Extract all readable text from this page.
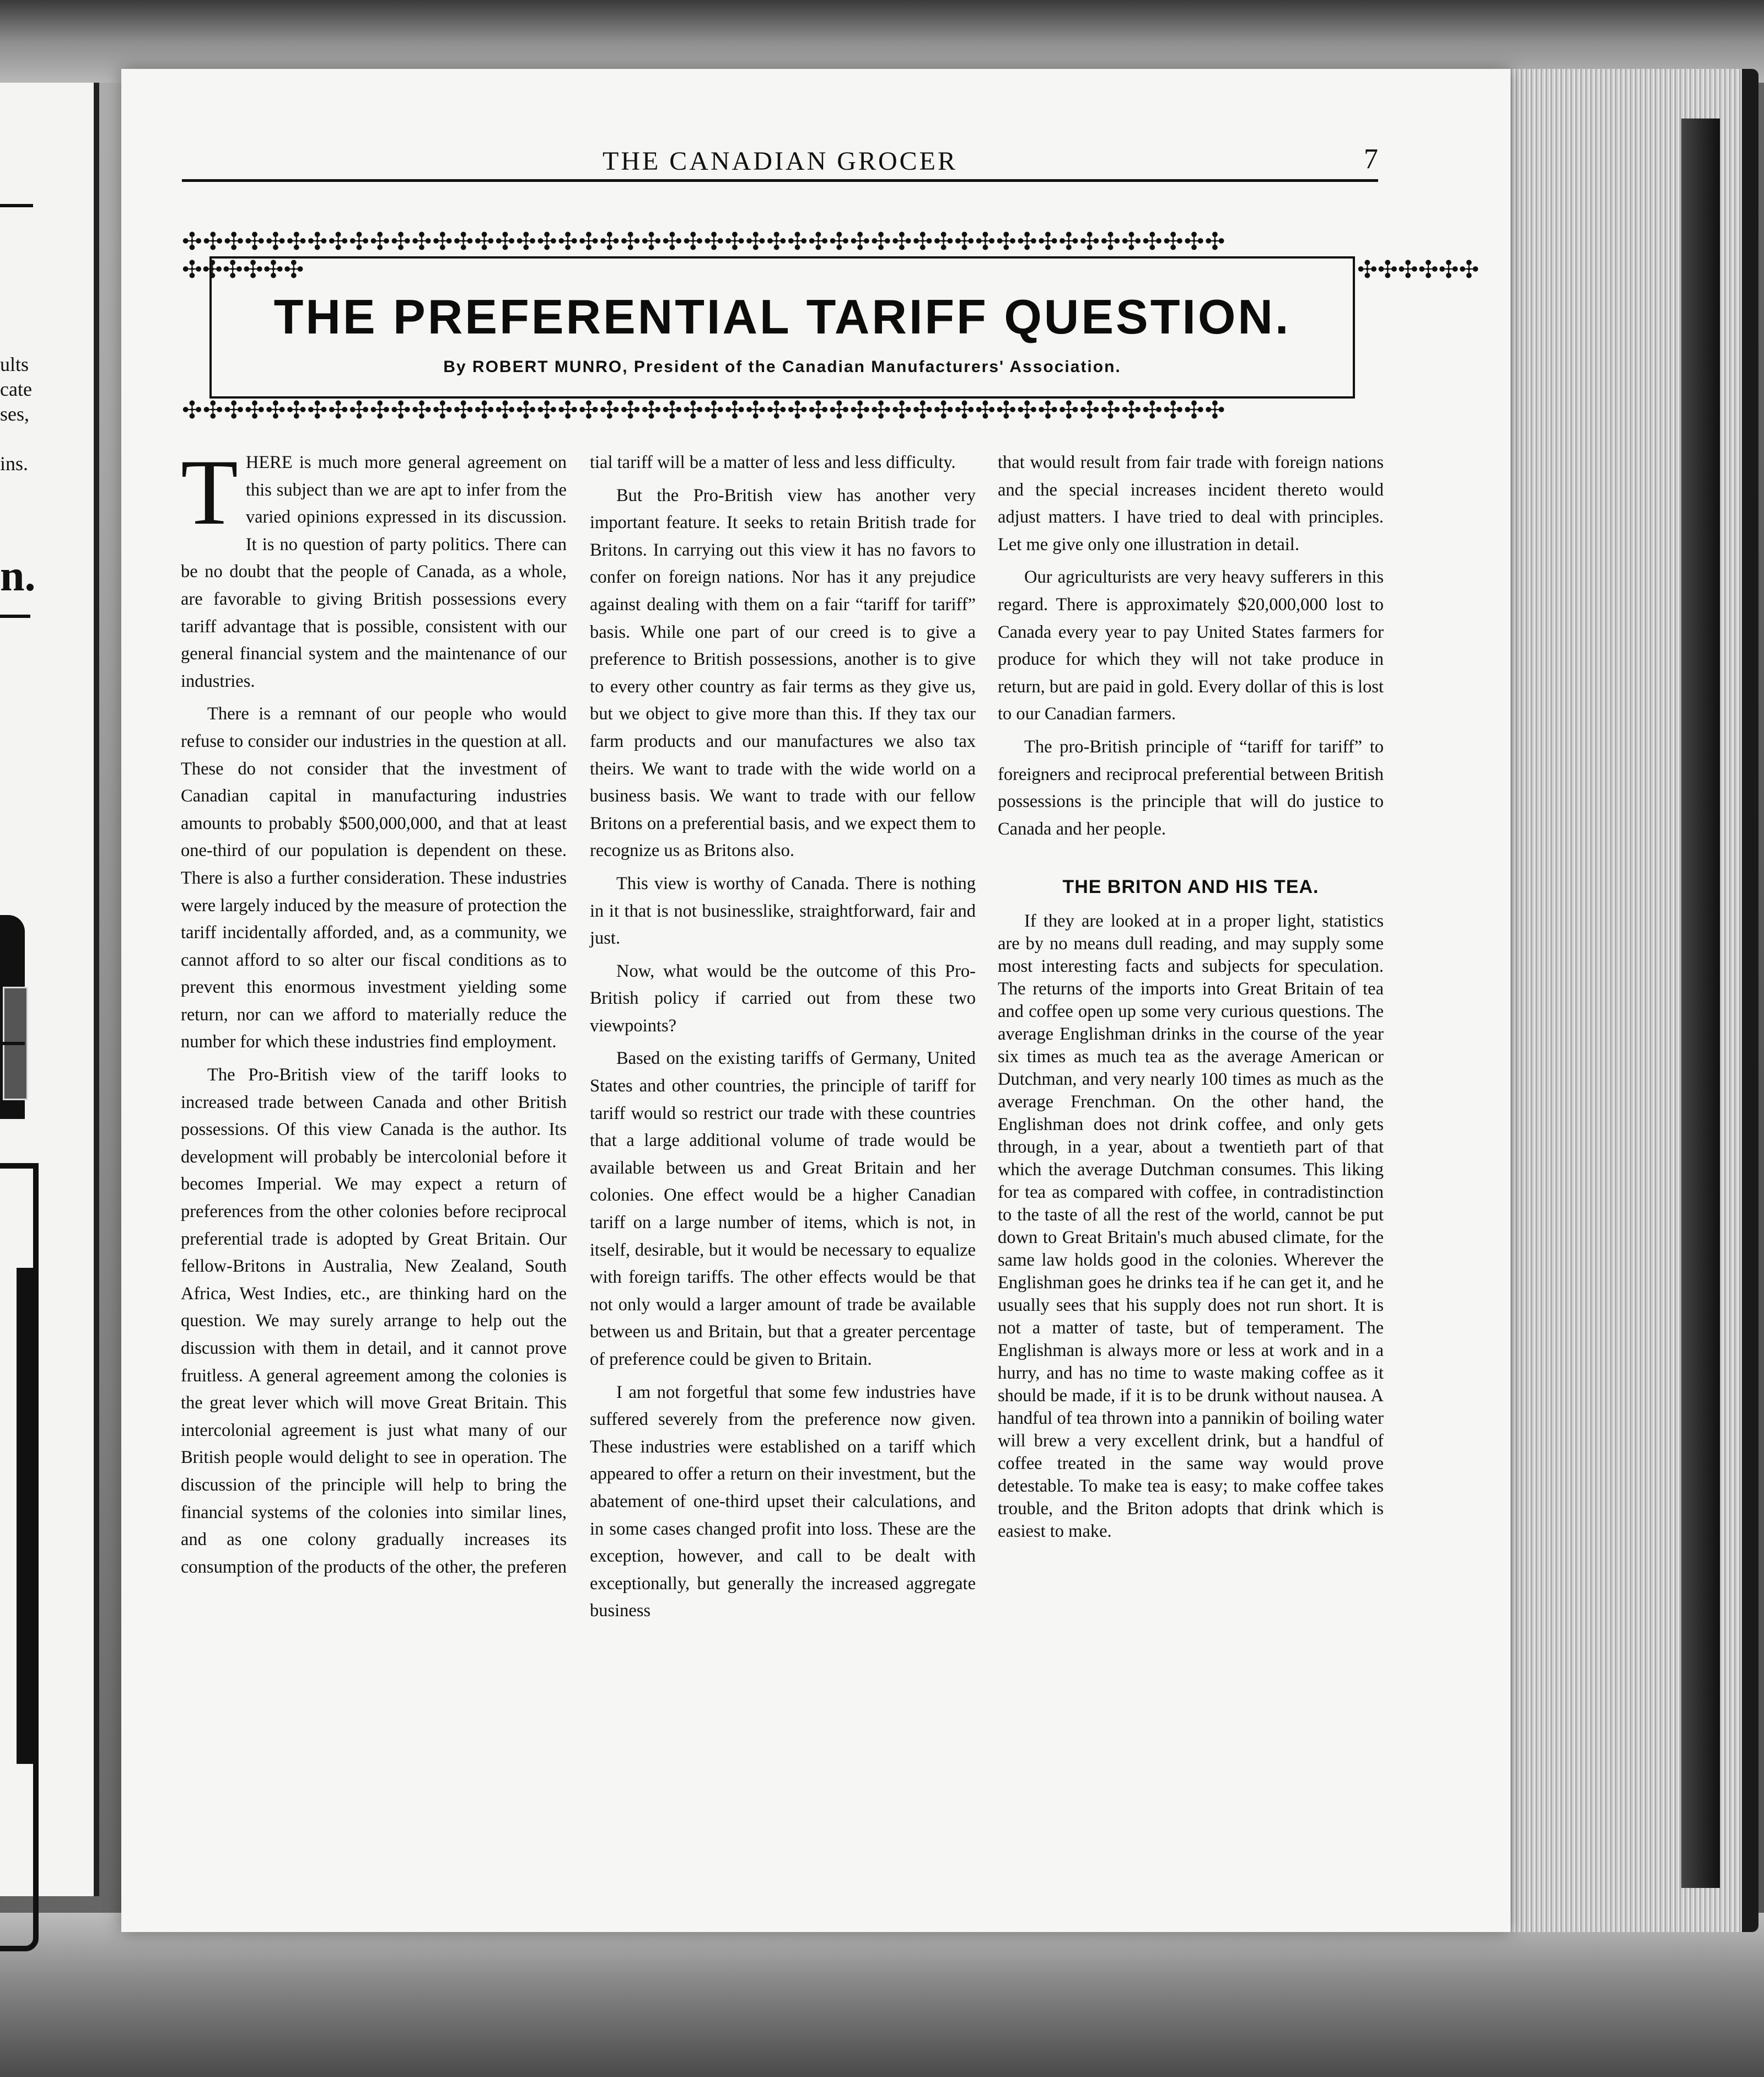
ults
cate
ses,
ins.
n.
THE CANADIAN GROCER	7
✣✣✣✣✣✣✣✣✣✣✣✣✣✣✣✣✣✣✣✣✣✣✣✣✣✣✣✣✣✣✣✣✣✣✣✣✣✣✣✣✣✣✣✣✣✣✣✣✣✣
✣✣✣✣✣✣✣✣✣✣✣✣✣✣✣✣✣✣✣✣✣✣✣✣✣✣✣✣✣✣✣✣✣✣✣✣✣✣✣✣✣✣✣✣✣✣✣✣✣✣
✣✣✣✣✣✣	✣✣✣✣✣✣
THE PREFERENTIAL TARIFF QUESTION.
By ROBERT MUNRO, President of the Canadian Manufacturers' Association.

THERE is much more general agreement on this subject than we are apt to infer from the varied opinions expressed in its discussion. It is no question of party politics. There can be no doubt that the people of Canada, as a whole, are favorable to giving British possessions every tariff advantage that is possible, consistent with our general financial system and the maintenance of our industries.

There is a remnant of our people who would refuse to consider our industries in the question at all. These do not consider that the investment of Canadian capital in manufacturing industries amounts to probably $500,000,000, and that at least one-third of our population is dependent on these. There is also a further consideration. These industries were largely induced by the measure of protection the tariff incidentally afforded, and, as a community, we cannot afford to so alter our fiscal conditions as to prevent this enormous investment yielding some return, nor can we afford to materially reduce the number for which these industries find employment.

The Pro-British view of the tariff looks to increased trade between Canada and other British possessions. Of this view Canada is the author. Its development will probably be intercolonial before it becomes Imperial. We may expect a return of preferences from the other colonies before reciprocal preferential trade is adopted by Great Britain. Our fellow-Britons in Australia, New Zealand, South Africa, West Indies, etc., are thinking hard on the question. We may surely arrange to help out the discussion with them in detail, and it cannot prove fruitless. A general agreement among the colonies is the great lever which will move Great Britain. This intercolonial agreement is just what many of our British people would delight to see in operation. The discussion of the principle will help to bring the financial systems of the colonies into similar lines, and as one colony gradually increases its consumption of the products of the other, the preferen

tial tariff will be a matter of less and less difficulty.

But the Pro-British view has another very important feature. It seeks to retain British trade for Britons. In carrying out this view it has no favors to confer on foreign nations. Nor has it any prejudice against dealing with them on a fair “tariff for tariff” basis. While one part of our creed is to give a preference to British possessions, another is to give to every other country as fair terms as they give us, but we object to give more than this. If they tax our farm products and our manufactures we also tax theirs. We want to trade with the wide world on a business basis. We want to trade with our fellow Britons on a preferential basis, and we expect them to recognize us as Britons also.

This view is worthy of Canada. There is nothing in it that is not businesslike, straightforward, fair and just.

Now, what would be the outcome of this Pro-British policy if carried out from these two viewpoints?

Based on the existing tariffs of Germany, United States and other countries, the principle of tariff for tariff would so restrict our trade with these countries that a large additional volume of trade would be available between us and Great Britain and her colonies. One effect would be a higher Canadian tariff on a large number of items, which is not, in itself, desirable, but it would be necessary to equalize with foreign tariffs. The other effects would be that not only would a larger amount of trade be available between us and Britain, but that a greater percentage of preference could be given to Britain.

I am not forgetful that some few industries have suffered severely from the preference now given. These industries were established on a tariff which appeared to offer a return on their investment, but the abatement of one-third upset their calculations, and in some cases changed profit into loss. These are the exception, however, and call to be dealt with exceptionally, but generally the increased aggregate business

that would result from fair trade with foreign nations and the special increases incident thereto would adjust matters. I have tried to deal with principles. Let me give only one illustration in detail.

Our agriculturists are very heavy sufferers in this regard. There is approximately $20,000,000 lost to Canada every year to pay United States farmers for produce for which they will not take produce in return, but are paid in gold. Every dollar of this is lost to our Canadian farmers.

The pro-British principle of “tariff for tariff” to foreigners and reciprocal preferential between British possessions is the principle that will do justice to Canada and her people.

THE BRITON AND HIS TEA.

If they are looked at in a proper light, statistics are by no means dull reading, and may supply some most interesting facts and subjects for speculation. The returns of the imports into Great Britain of tea and coffee open up some very curious questions. The average Englishman drinks in the course of the year six times as much tea as the average American or Dutchman, and very nearly 100 times as much as the average Frenchman. On the other hand, the Englishman does not drink coffee, and only gets through, in a year, about a twentieth part of that which the average Dutchman consumes. This liking for tea as compared with coffee, in contradistinction to the taste of all the rest of the world, cannot be put down to Great Britain's much abused climate, for the same law holds good in the colonies. Wherever the Englishman goes he drinks tea if he can get it, and he usually sees that his supply does not run short. It is not a matter of taste, but of temperament. The Englishman is always more or less at work and in a hurry, and has no time to waste making coffee as it should be made, if it is to be drunk without nausea. A handful of tea thrown into a pannikin of boiling water will brew a very excellent drink, but a handful of coffee treated in the same way would prove detestable. To make tea is easy; to make coffee takes trouble, and the Briton adopts that drink which is easiest to make.
